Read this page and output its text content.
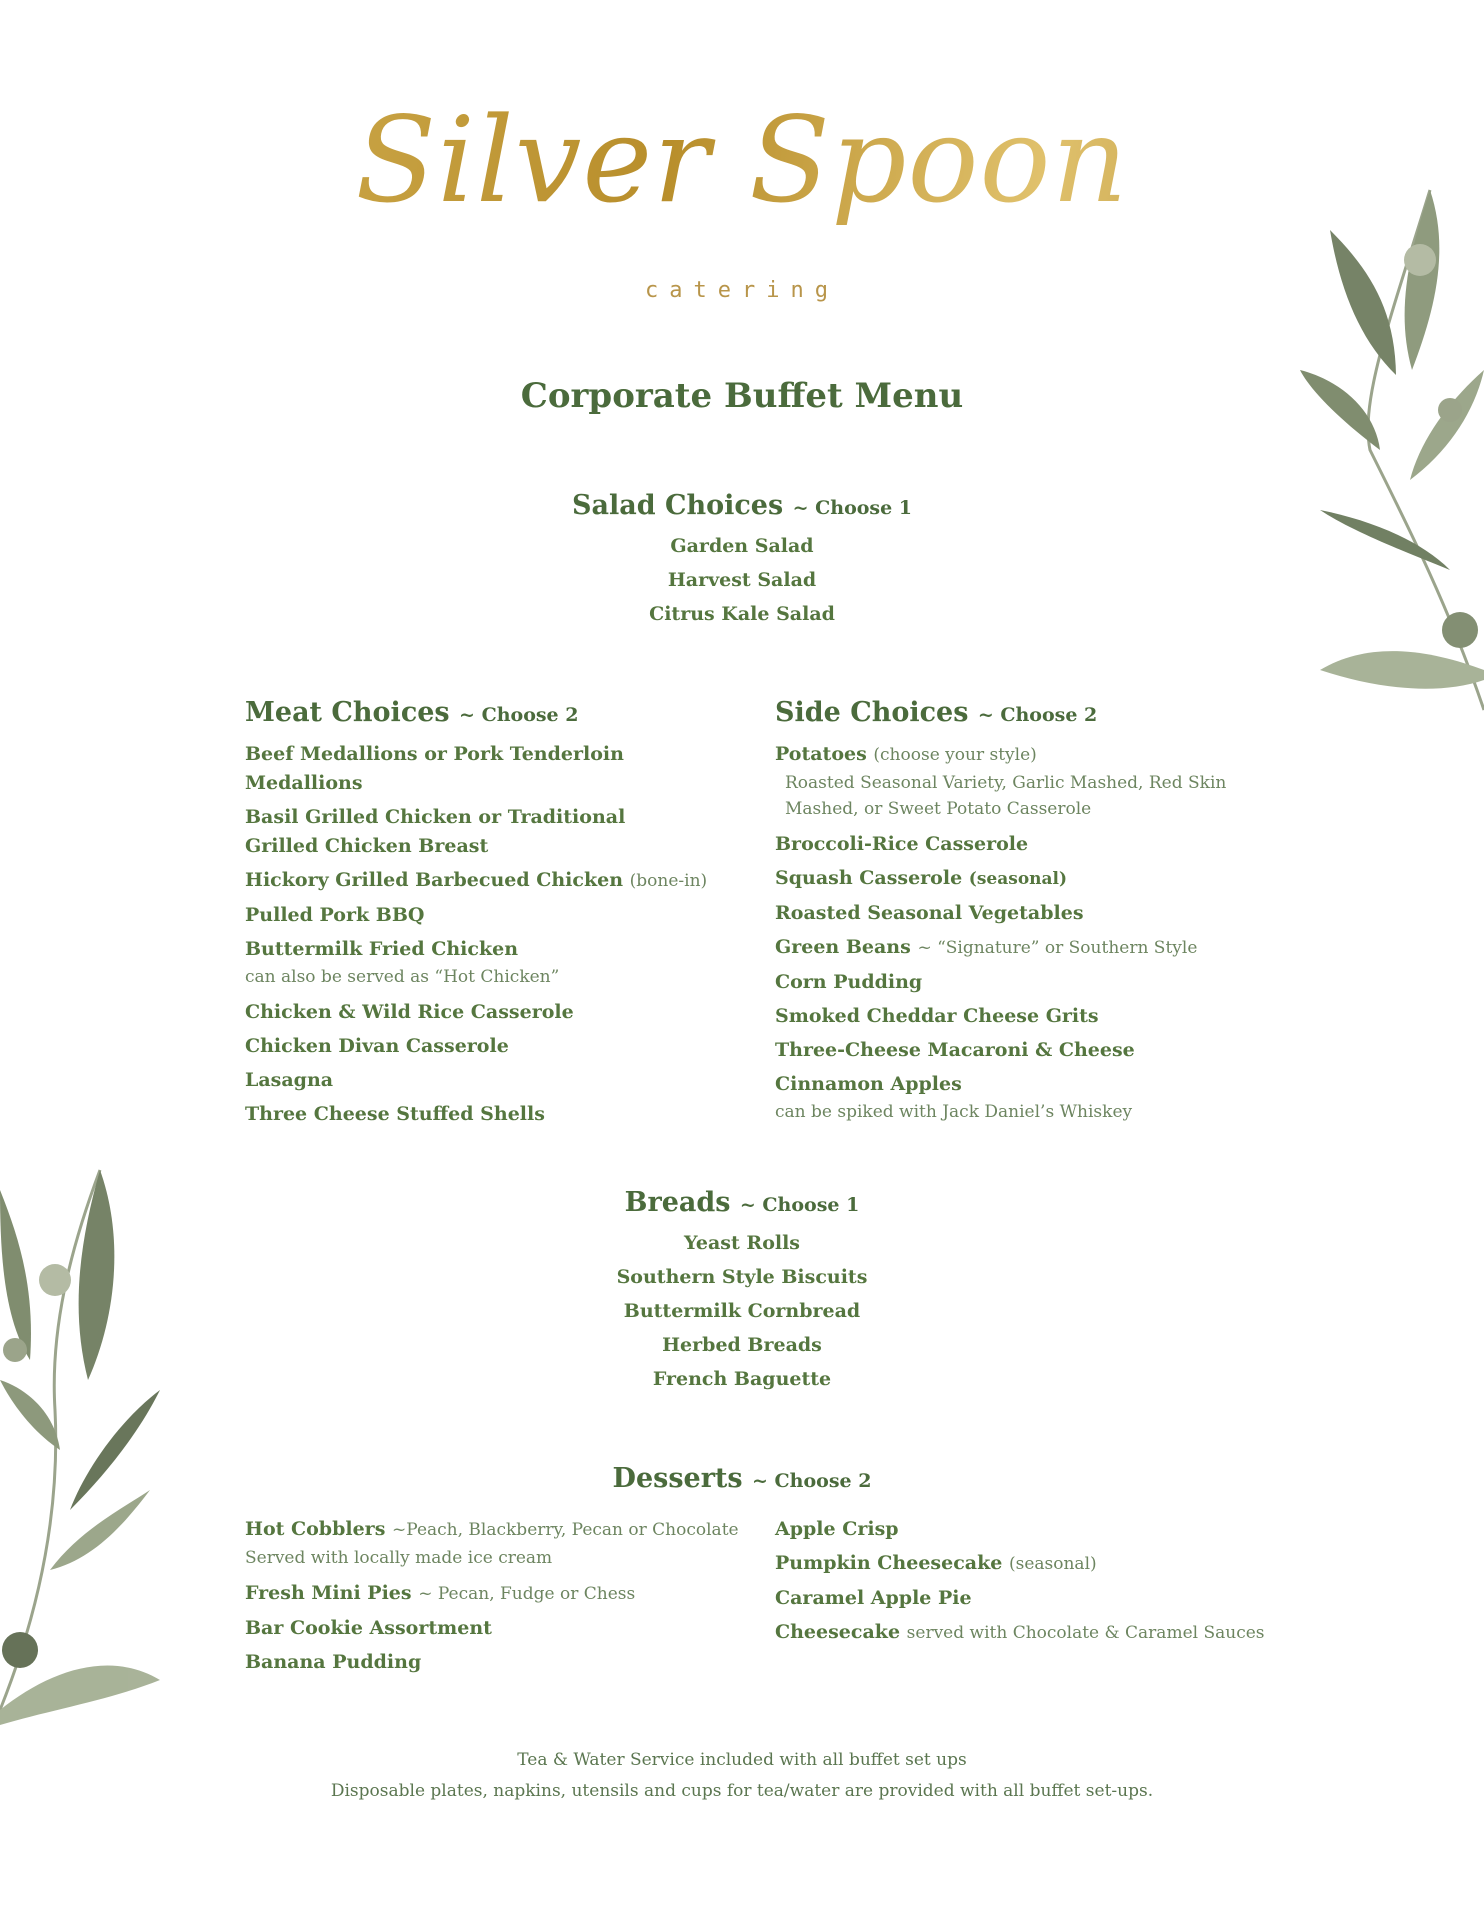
Silver Spoon
catering
Corporate Buffet Menu
Salad Choices ~ Choose 1
Garden Salad
Harvest Salad
Citrus Kale Salad
Meat Choices ~ Choose 2
Beef Medallions or Pork Tenderloin Medallions
Basil Grilled Chicken or Traditional Grilled Chicken Breast
Hickory Grilled Barbecued Chicken (bone-in)
Pulled Pork BBQ
Buttermilk Fried Chicken
can also be served as “Hot Chicken”
Chicken & Wild Rice Casserole
Chicken Divan Casserole
Lasagna
Three Cheese Stuffed Shells
Side Choices ~ Choose 2
Potatoes (choose your style)
Roasted Seasonal Variety, Garlic Mashed, Red Skin Mashed, or Sweet Potato Casserole
Broccoli-Rice Casserole
Squash Casserole (seasonal)
Roasted Seasonal Vegetables
Green Beans ~ “Signature” or Southern Style
Corn Pudding
Smoked Cheddar Cheese Grits
Three-Cheese Macaroni & Cheese
Cinnamon Apples
can be spiked with Jack Daniel’s Whiskey
Breads ~ Choose 1
Yeast Rolls
Southern Style Biscuits
Buttermilk Cornbread
Herbed Breads
French Baguette
Desserts ~ Choose 2
Hot Cobblers ~Peach, Blackberry, Pecan or Chocolate
Served with locally made ice cream
Fresh Mini Pies ~ Pecan, Fudge or Chess
Bar Cookie Assortment
Banana Pudding
Apple Crisp
Pumpkin Cheesecake (seasonal)
Caramel Apple Pie
Cheesecake served with Chocolate & Caramel Sauces
Tea & Water Service included with all buffet set ups
Disposable plates, napkins, utensils and cups for tea/water are provided with all buffet set-ups.
